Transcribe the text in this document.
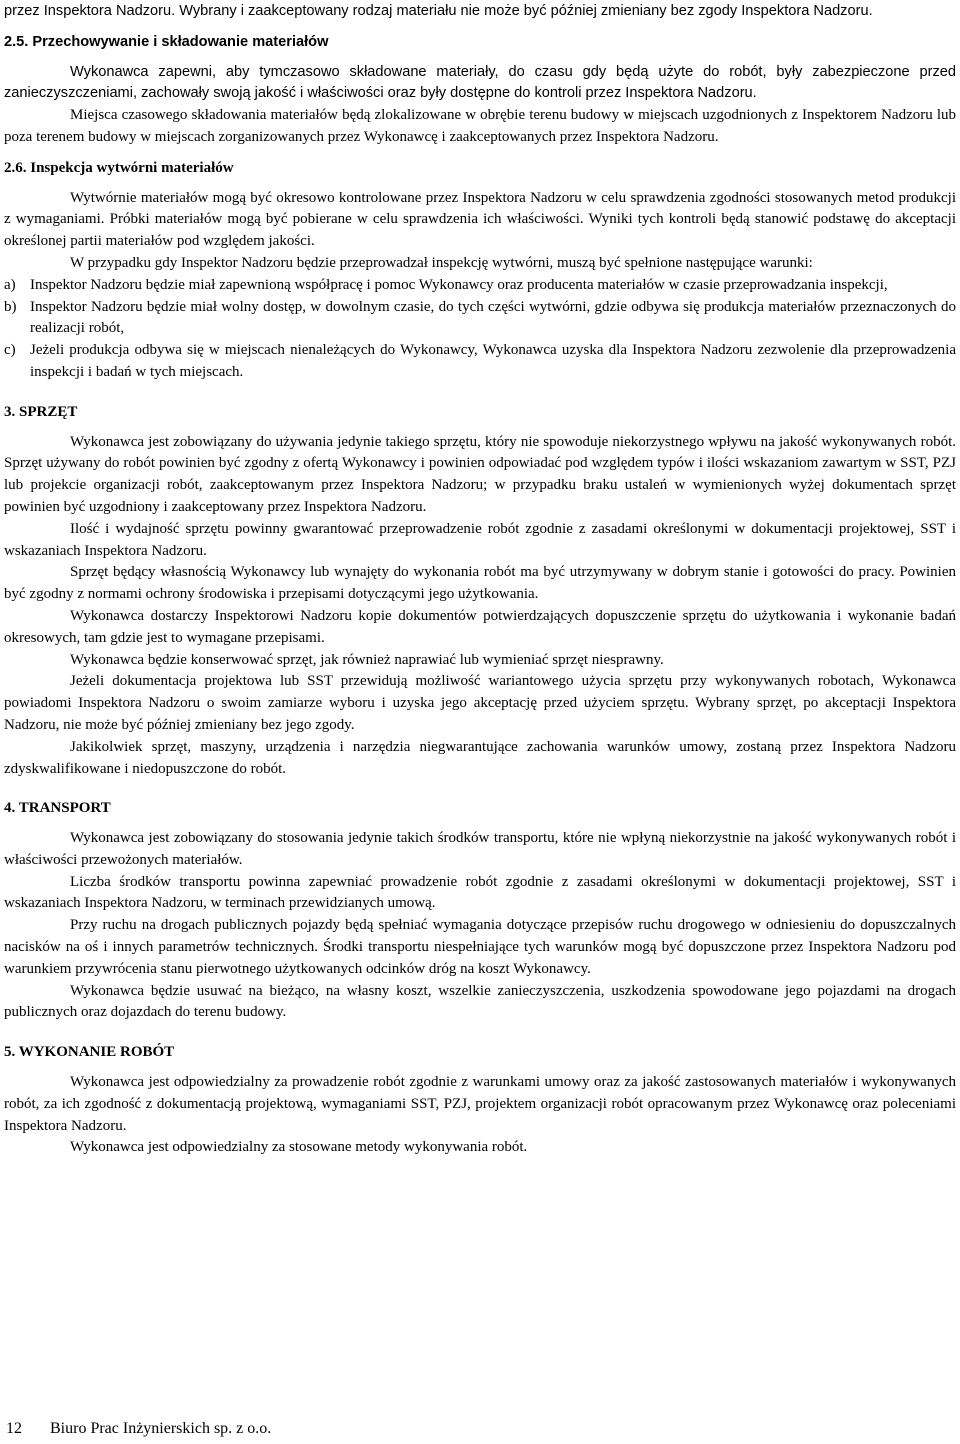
przez Inspektora Nadzoru. Wybrany i zaakceptowany rodzaj materiału nie może być później zmieniany bez zgody Inspektora Nadzoru.

2.5. Przechowywanie i składowanie materiałów

Wykonawca zapewni, aby tymczasowo składowane materiały, do czasu gdy będą użyte do robót, były zabezpieczone przed zanieczyszczeniami, zachowały swoją jakość i właściwości oraz były dostępne do kontroli przez Inspektora Nadzoru.

Miejsca czasowego składowania materiałów będą zlokalizowane w obrębie terenu budowy w miejscach uzgodnionych z Inspektorem Nadzoru lub poza terenem budowy w miejscach zorganizowanych przez Wykonawcę i zaakceptowanych przez Inspektora Nadzoru.

2.6. Inspekcja wytwórni materiałów

Wytwórnie materiałów mogą być okresowo kontrolowane przez Inspektora Nadzoru w celu sprawdzenia zgodności stosowanych metod produkcji z wymaganiami. Próbki materiałów mogą być pobierane w celu sprawdzenia ich właściwości. Wyniki tych kontroli będą stanowić podstawę do akceptacji określonej partii materiałów pod względem jakości.

W przypadku gdy Inspektor Nadzoru będzie przeprowadzał inspekcję wytwórni, muszą być spełnione następujące warunki:

a) Inspektor Nadzoru będzie miał zapewnioną współpracę i pomoc Wykonawcy oraz producenta materiałów w czasie przeprowadzania inspekcji,
b) Inspektor Nadzoru będzie miał wolny dostęp, w dowolnym czasie, do tych części wytwórni, gdzie odbywa się produkcja materiałów przeznaczonych do realizacji robót,
c) Jeżeli produkcja odbywa się w miejscach nienależących do Wykonawcy, Wykonawca uzyska dla Inspektora Nadzoru zezwolenie dla przeprowadzenia inspekcji i badań w tych miejscach.
3. SPRZĘT

Wykonawca jest zobowiązany do używania jedynie takiego sprzętu, który nie spowoduje niekorzystnego wpływu na jakość wykonywanych robót. Sprzęt używany do robót powinien być zgodny z ofertą Wykonawcy i powinien odpowiadać pod względem typów i ilości wskazaniom zawartym w SST, PZJ lub projekcie organizacji robót, zaakceptowanym przez Inspektora Nadzoru; w przypadku braku ustaleń w wymienionych wyżej dokumentach sprzęt powinien być uzgodniony i zaakceptowany przez Inspektora Nadzoru.

Ilość i wydajność sprzętu powinny gwarantować przeprowadzenie robót zgodnie z zasadami określonymi w dokumentacji projektowej, SST i wskazaniach Inspektora Nadzoru.

Sprzęt będący własnością Wykonawcy lub wynajęty do wykonania robót ma być utrzymywany w dobrym stanie i gotowości do pracy. Powinien być zgodny z normami ochrony środowiska i przepisami dotyczącymi jego użytkowania.

Wykonawca dostarczy Inspektorowi Nadzoru kopie dokumentów potwierdzających dopuszczenie sprzętu do użytkowania i wykonanie badań okresowych, tam gdzie jest to wymagane przepisami.

Wykonawca będzie konserwować sprzęt, jak również naprawiać lub wymieniać sprzęt niesprawny.

Jeżeli dokumentacja projektowa lub SST przewidują możliwość wariantowego użycia sprzętu przy wykonywanych robotach, Wykonawca powiadomi Inspektora Nadzoru o swoim zamiarze wyboru i uzyska jego akceptację przed użyciem sprzętu. Wybrany sprzęt, po akceptacji Inspektora Nadzoru, nie może być później zmieniany bez jego zgody.

Jakikolwiek sprzęt, maszyny, urządzenia i narzędzia niegwarantujące zachowania warunków umowy, zostaną przez Inspektora Nadzoru zdyskwalifikowane i niedopuszczone do robót.

4. TRANSPORT

Wykonawca jest zobowiązany do stosowania jedynie takich środków transportu, które nie wpłyną niekorzystnie na jakość wykonywanych robót i właściwości przewożonych materiałów.

Liczba środków transportu powinna zapewniać prowadzenie robót zgodnie z zasadami określonymi w dokumentacji projektowej, SST i wskazaniach Inspektora Nadzoru, w terminach przewidzianych umową.

Przy ruchu na drogach publicznych pojazdy będą spełniać wymagania dotyczące przepisów ruchu drogowego w odniesieniu do dopuszczalnych nacisków na oś i innych parametrów technicznych. Środki transportu niespełniające tych warunków mogą być dopuszczone przez Inspektora Nadzoru pod warunkiem przywrócenia stanu pierwotnego użytkowanych odcinków dróg na koszt Wykonawcy.

Wykonawca będzie usuwać na bieżąco, na własny koszt, wszelkie zanieczyszczenia, uszkodzenia spowodowane jego pojazdami na drogach publicznych oraz dojazdach do terenu budowy.

5. WYKONANIE ROBÓT

Wykonawca jest odpowiedzialny za prowadzenie robót zgodnie z warunkami umowy oraz za jakość zastosowanych materiałów i wykonywanych robót, za ich zgodność z dokumentacją projektową, wymaganiami SST, PZJ, projektem organizacji robót opracowanym przez Wykonawcę oraz poleceniami Inspektora Nadzoru.

Wykonawca jest odpowiedzialny za stosowane metody wykonywania robót.

12 Biuro Prac Inżynierskich sp. z o.o.
